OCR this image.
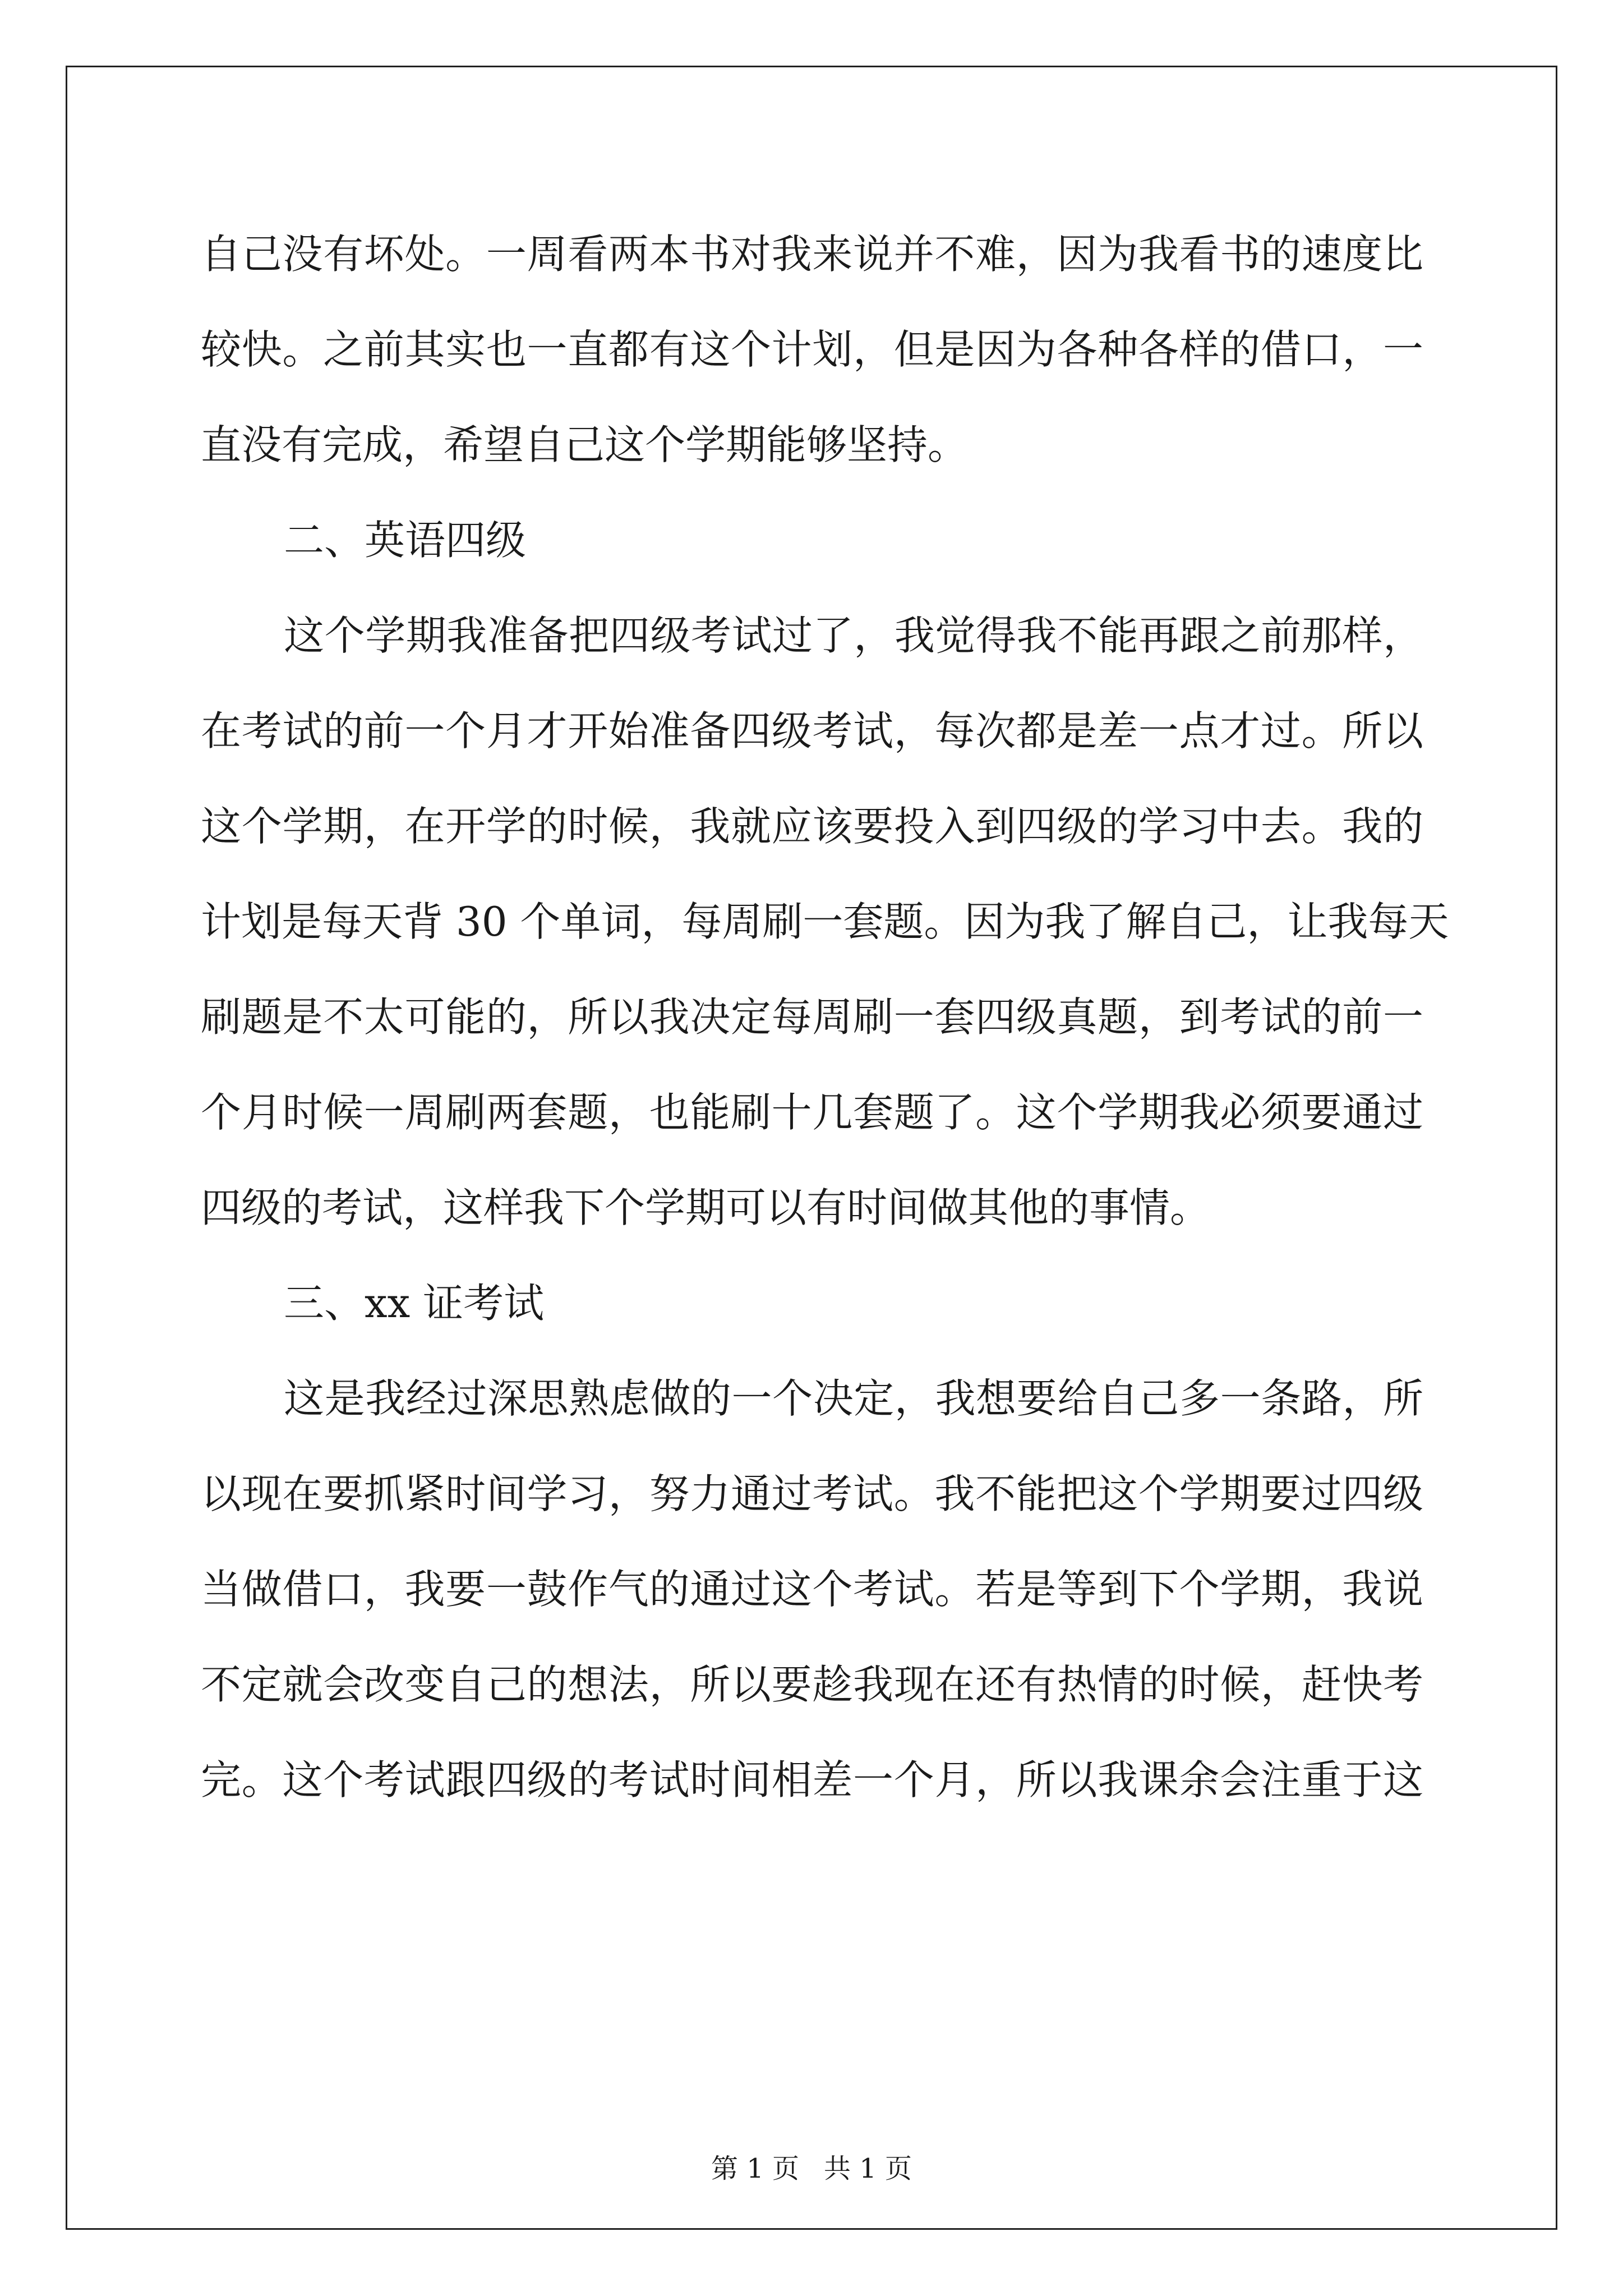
自己没有坏处。一周看两本书对我来说并不难，因为我看书的速度比
较快。之前其实也一直都有这个计划，但是因为各种各样的借口，一
直没有完成，希望自己这个学期能够坚持。
二、英语四级
这个学期我准备把四级考试过了，我觉得我不能再跟之前那样，
在考试的前一个月才开始准备四级考试，每次都是差一点才过。所以
这个学期，在开学的时候，我就应该要投入到四级的学习中去。我的
计划是每天背 30 个单词，每周刷一套题。因为我了解自己，让我每天
刷题是不太可能的，所以我决定每周刷一套四级真题，到考试的前一
个月时候一周刷两套题，也能刷十几套题了。这个学期我必须要通过
四级的考试，这样我下个学期可以有时间做其他的事情。
三、xx 证考试
这是我经过深思熟虑做的一个决定，我想要给自己多一条路，所
以现在要抓紧时间学习，努力通过考试。我不能把这个学期要过四级
当做借口，我要一鼓作气的通过这个考试。若是等到下个学期，我说
不定就会改变自己的想法，所以要趁我现在还有热情的时候，赶快考
完。这个考试跟四级的考试时间相差一个月，所以我课余会注重于这
第 1 页 共 1 页
